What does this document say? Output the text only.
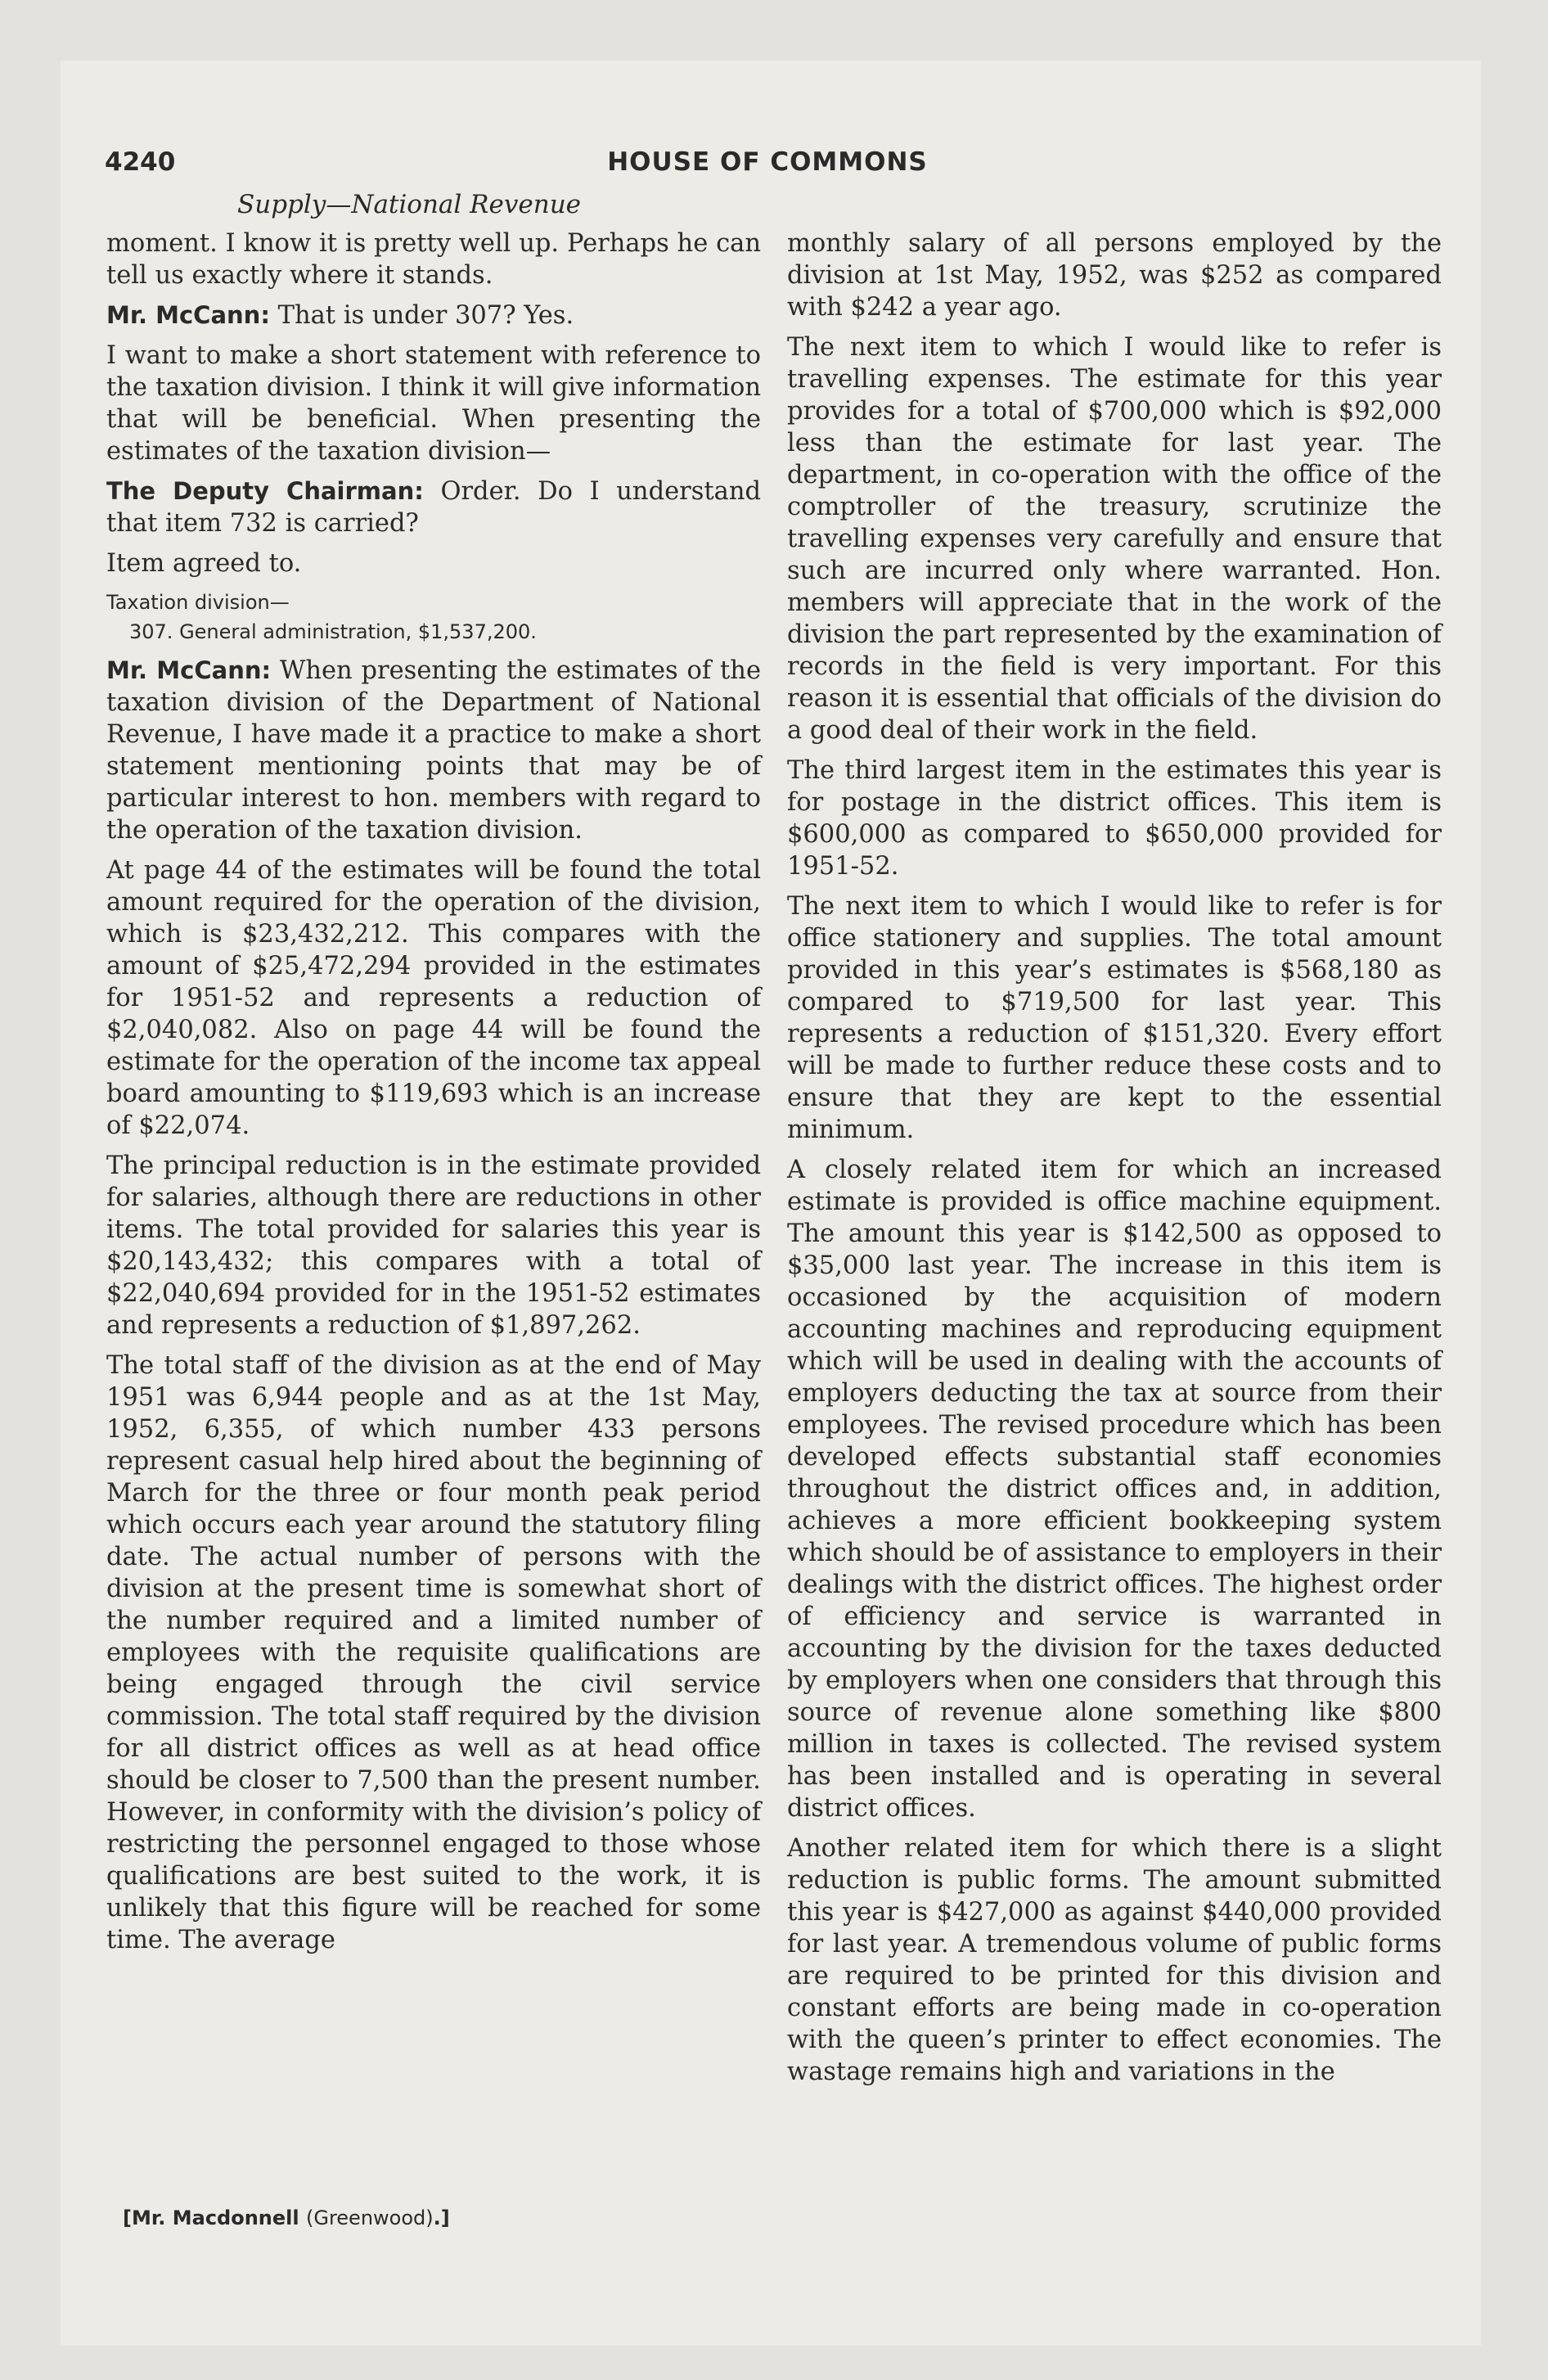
4240	HOUSE OF COMMONS
Supply—National Revenue

moment. I know it is pretty well up. Perhaps he can tell us exactly where it stands.

Mr. McCann: That is under 307? Yes.

I want to make a short statement with reference to the taxation division. I think it will give information that will be beneficial. When presenting the estimates of the taxation division—

The Deputy Chairman: Order. Do I understand that item 732 is carried?

Item agreed to.

Taxation division—

307. General administration, $1,537,200.

Mr. McCann: When presenting the estimates of the taxation division of the Department of National Revenue, I have made it a practice to make a short statement mentioning points that may be of particular interest to hon. members with regard to the operation of the taxation division.

At page 44 of the estimates will be found the total amount required for the operation of the division, which is $23,432,212. This compares with the amount of $25,472,294 provided in the estimates for 1951-52 and represents a reduction of $2,040,082. Also on page 44 will be found the estimate for the operation of the income tax appeal board amounting to $119,693 which is an increase of $22,074.

The principal reduction is in the estimate provided for salaries, although there are reductions in other items. The total provided for salaries this year is $20,143,432; this compares with a total of $22,040,694 provided for in the 1951-52 estimates and represents a reduction of $1,897,262.

The total staff of the division as at the end of May 1951 was 6,944 people and as at the 1st May, 1952, 6,355, of which number 433 persons represent casual help hired about the beginning of March for the three or four month peak period which occurs each year around the statutory filing date. The actual number of persons with the division at the present time is somewhat short of the number required and a limited number of employees with the requisite qualifications are being engaged through the civil service commission. The total staff required by the division for all district offices as well as at head office should be closer to 7,500 than the present number. However, in conformity with the division’s policy of restricting the personnel engaged to those whose qualifications are best suited to the work, it is unlikely that this figure will be reached for some time. The average

monthly salary of all persons employed by the division at 1st May, 1952, was $252 as compared with $242 a year ago.

The next item to which I would like to refer is travelling expenses. The estimate for this year provides for a total of $700,000 which is $92,000 less than the estimate for last year. The department, in co-operation with the office of the comptroller of the treasury, scrutinize the travelling expenses very carefully and ensure that such are incurred only where warranted. Hon. members will appreciate that in the work of the division the part represented by the examination of records in the field is very important. For this reason it is essential that officials of the division do a good deal of their work in the field.

The third largest item in the estimates this year is for postage in the district offices. This item is $600,000 as compared to $650,000 provided for 1951-52.

The next item to which I would like to refer is for office stationery and supplies. The total amount provided in this year’s estimates is $568,180 as compared to $719,500 for last year. This represents a reduction of $151,320. Every effort will be made to further reduce these costs and to ensure that they are kept to the essential minimum.

A closely related item for which an increased estimate is provided is office machine equipment. The amount this year is $142,500 as opposed to $35,000 last year. The increase in this item is occasioned by the acquisition of modern accounting machines and reproducing equipment which will be used in dealing with the accounts of employers deducting the tax at source from their employees. The revised procedure which has been developed effects substantial staff economies throughout the district offices and, in addition, achieves a more efficient bookkeeping system which should be of assistance to employers in their dealings with the district offices. The highest order of efficiency and service is warranted in accounting by the division for the taxes deducted by employers when one considers that through this source of revenue alone something like $800 million in taxes is collected. The revised system has been installed and is operating in several district offices.

Another related item for which there is a slight reduction is public forms. The amount submitted this year is $427,000 as against $440,000 provided for last year. A tremendous volume of public forms are required to be printed for this division and constant efforts are being made in co-operation with the queen’s printer to effect economies. The wastage remains high and variations in the

[Mr. Macdonnell (Greenwood).]
